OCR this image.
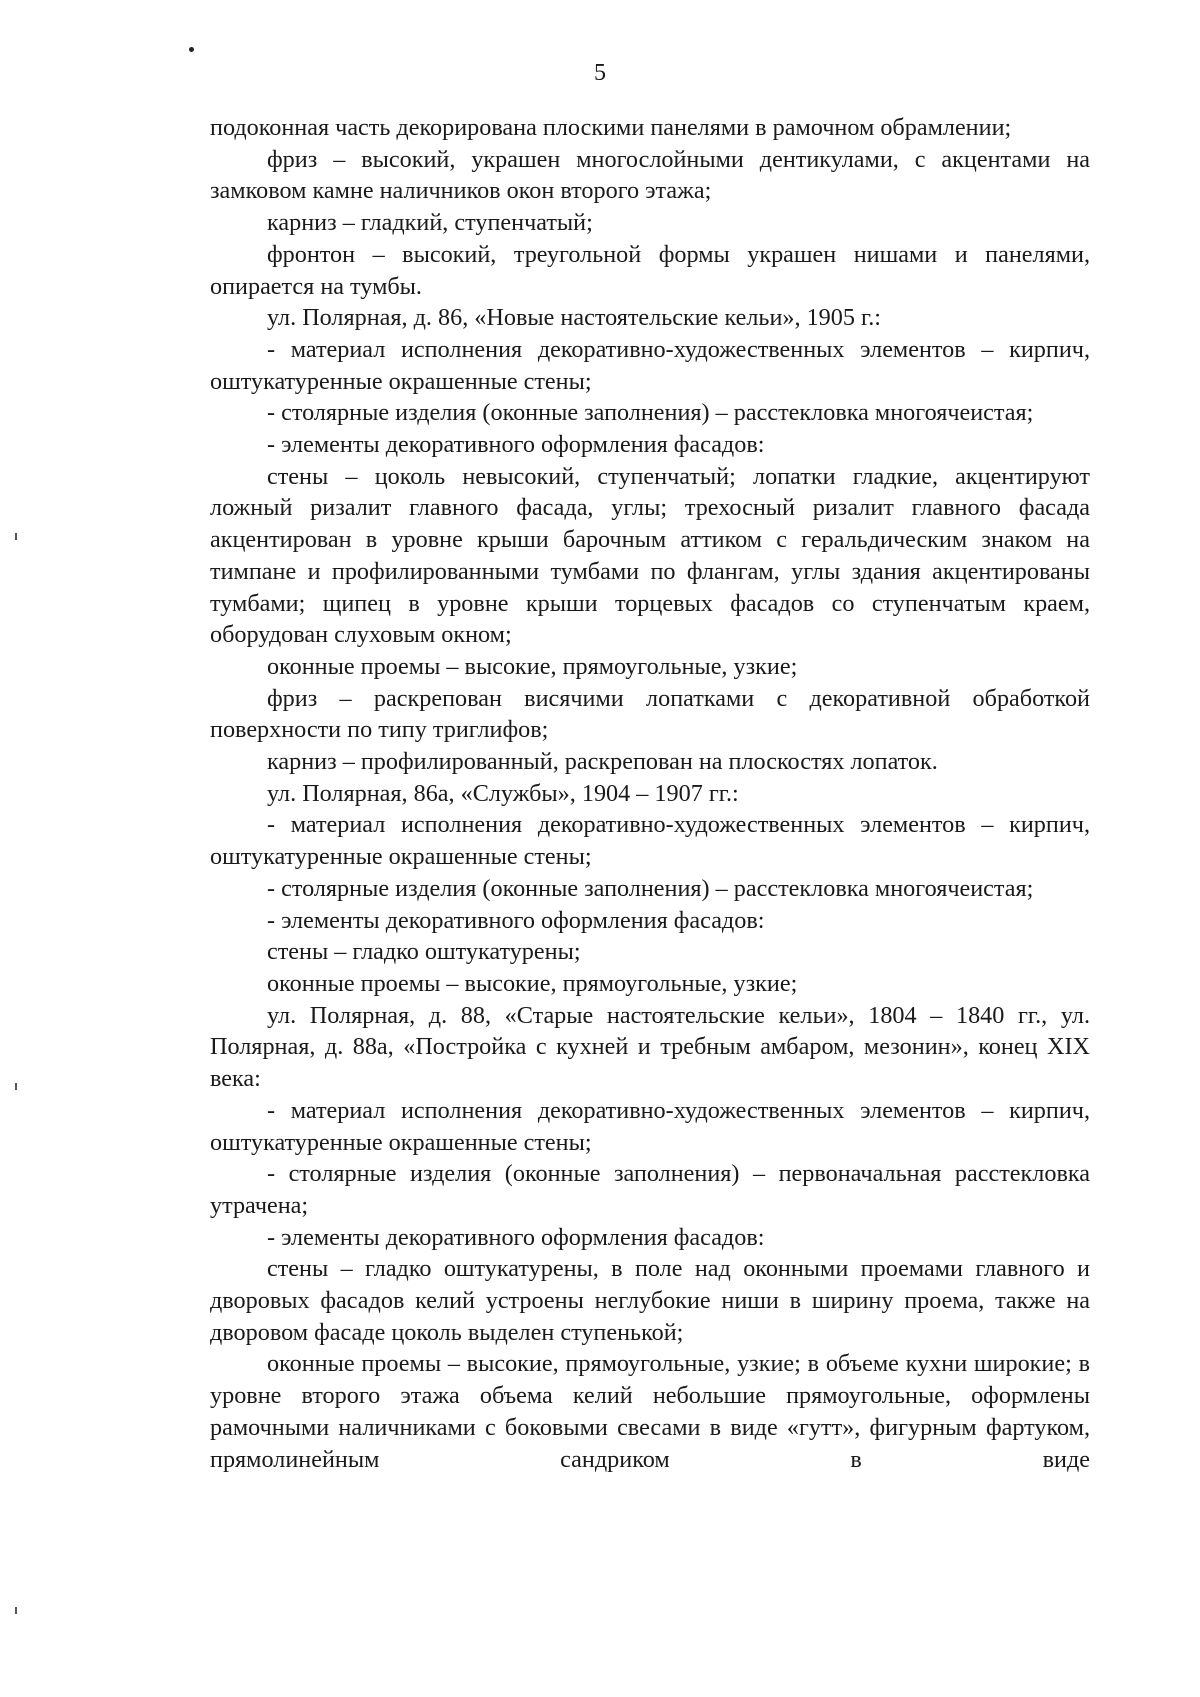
5

подоконная часть декорирована плоскими панелями в рамочном обрамлении;

фриз – высокий, украшен многослойными дентикулами, с акцентами на замковом камне наличников окон второго этажа;

карниз – гладкий, ступенчатый;

фронтон – высокий, треугольной формы украшен нишами и панелями, опирается на тумбы.

ул. Полярная, д. 86, «Новые настоятельские кельи», 1905 г.:

- материал исполнения декоративно-художественных элементов – кирпич, оштукатуренные окрашенные стены;

- столярные изделия (оконные заполнения) – расстекловка многоячеистая;

- элементы декоративного оформления фасадов:

стены – цоколь невысокий, ступенчатый; лопатки гладкие, акцентируют ложный ризалит главного фасада, углы; трехосный ризалит главного фасада акцентирован в уровне крыши барочным аттиком с геральдическим знаком на тимпане и профилированными тумбами по флангам, углы здания акцентированы тумбами; щипец в уровне крыши торцевых фасадов со ступенчатым краем, оборудован слуховым окном;

оконные проемы – высокие, прямоугольные, узкие;

фриз – раскрепован висячими лопатками с декоративной обработкой поверхности по типу триглифов;

карниз – профилированный, раскрепован на плоскостях лопаток.

ул. Полярная, 86а, «Службы», 1904 – 1907 гг.:

- материал исполнения декоративно-художественных элементов – кирпич, оштукатуренные окрашенные стены;

- столярные изделия (оконные заполнения) – расстекловка многоячеистая;

- элементы декоративного оформления фасадов:

стены – гладко оштукатурены;

оконные проемы – высокие, прямоугольные, узкие;

ул. Полярная, д. 88, «Старые настоятельские кельи», 1804 – 1840 гг., ул. Полярная, д. 88а, «Постройка с кухней и требным амбаром, мезонин», конец XIX века:

- материал исполнения декоративно-художественных элементов – кирпич, оштукатуренные окрашенные стены;

- столярные изделия (оконные заполнения) – первоначальная расстекловка утрачена;

- элементы декоративного оформления фасадов:

стены – гладко оштукатурены, в поле над оконными проемами главного и дворовых фасадов келий устроены неглубокие ниши в ширину проема, также на дворовом фасаде цоколь выделен ступенькой;

оконные проемы – высокие, прямоугольные, узкие; в объеме кухни широкие; в уровне второго этажа объема келий небольшие прямоугольные, оформлены рамочными наличниками с боковыми свесами в виде «гутт», фигурным фартуком, прямолинейным сандриком в виде
